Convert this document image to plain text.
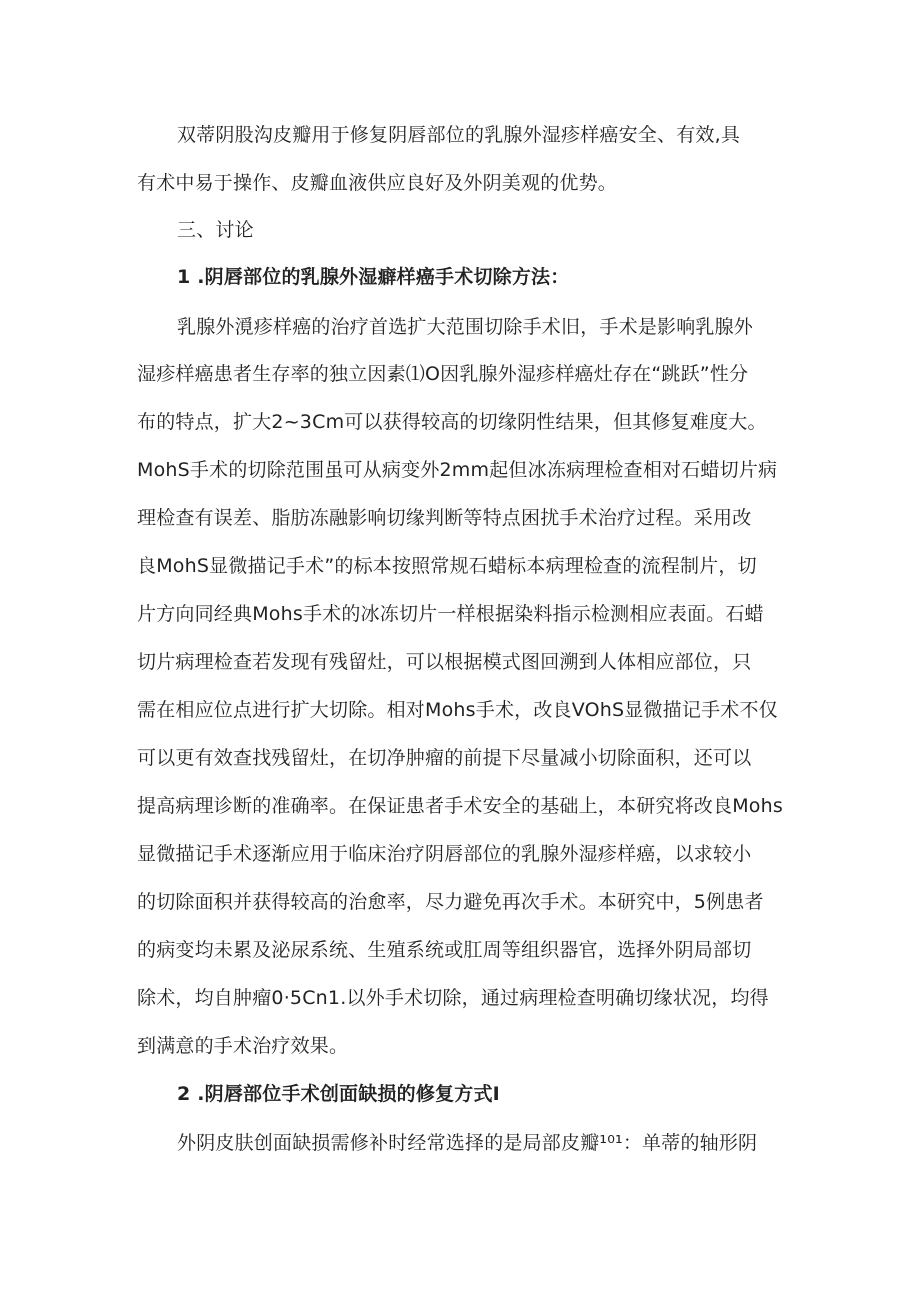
双蒂阴股沟皮瓣用于修复阴唇部位的乳腺外湿疹样癌安全、有效,具
有术中易于操作、皮瓣血液供应良好及外阴美观的优势。
三、讨论
1 .阴唇部位的乳腺外湿癖样癌手术切除方法：
乳腺外漞疹样癌的治疗首选扩大范围切除手术旧，手术是影响乳腺外
湿疹样癌患者生存率的独立因素⑴O因乳腺外湿疹样癌灶存在“跳跃”性分
布的特点，扩大2~3Cm可以获得较高的切缘阴性结果，但其修复难度大。
MohS手术的切除范围虽可从病变外2mm起但冰冻病理检查相对石蜡切片病
理检查有误差、脂肪冻融影响切缘判断等特点困扰手术治疗过程。采用改
良MohS显微描记手术”的标本按照常规石蜡标本病理检查的流程制片，切
片方向同经典Mohs手术的冰冻切片一样根据染料指示检测相应表面。石蜡
切片病理检查若发现有残留灶，可以根据模式图回溯到人体相应部位，只
需在相应位点进行扩大切除。相对Mohs手术，改良VOhS显微描记手术不仅
可以更有效查找残留灶，在切净肿瘤的前提下尽量减小切除面积，还可以
提高病理诊断的准确率。在保证患者手术安全的基础上，本研究将改良Mohs
显微描记手术逐渐应用于临床治疗阴唇部位的乳腺外湿疹样癌，以求较小
的切除面积并获得较高的治愈率，尽力避免再次手术。本研究中，5例患者
的病变均未累及泌尿系统、生殖系统或肛周等组织器官，选择外阴局部切
除术，均自肿瘤0·5Cn1.以外手术切除，通过病理检查明确切缘状况，均得
到满意的手术治疗效果。
2 .阴唇部位手术创面缺损的修复方式I
外阴皮肤创面缺损需修补时经常选择的是局部皮瓣¹⁰¹：单蒂的轴形阴
